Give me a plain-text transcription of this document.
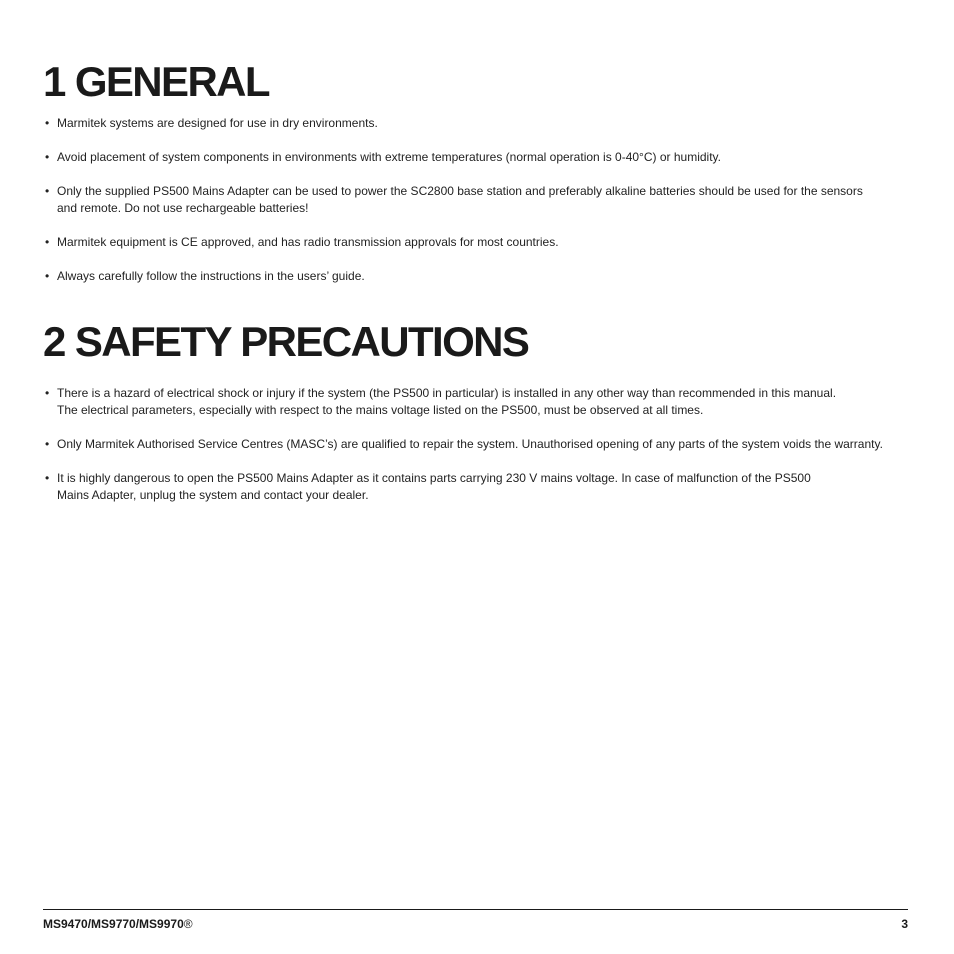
1 GENERAL
• Marmitek systems are designed for use in dry environments.
• Avoid placement of system components in environments with extreme temperatures (normal operation is 0-40°C) or humidity.
• Only the supplied PS500 Mains Adapter can be used to power the SC2800 base station and preferably alkaline batteries should be used for the sensors
and remote. Do not use rechargeable batteries!
• Marmitek equipment is CE approved, and has radio transmission approvals for most countries.
• Always carefully follow the instructions in the users’ guide.
2 SAFETY PRECAUTIONS
• There is a hazard of electrical shock or injury if the system (the PS500 in particular) is installed in any other way than recommended in this manual.
The electrical parameters, especially with respect to the mains voltage listed on the PS500, must be observed at all times.
• Only Marmitek Authorised Service Centres (MASC’s) are qualified to repair the system. Unauthorised opening of any parts of the system voids the warranty.
• It is highly dangerous to open the PS500 Mains Adapter as it contains parts carrying 230 V mains voltage. In case of malfunction of the PS500
Mains Adapter, unplug the system and contact your dealer.
MS9470/MS9770/MS9970®	3
